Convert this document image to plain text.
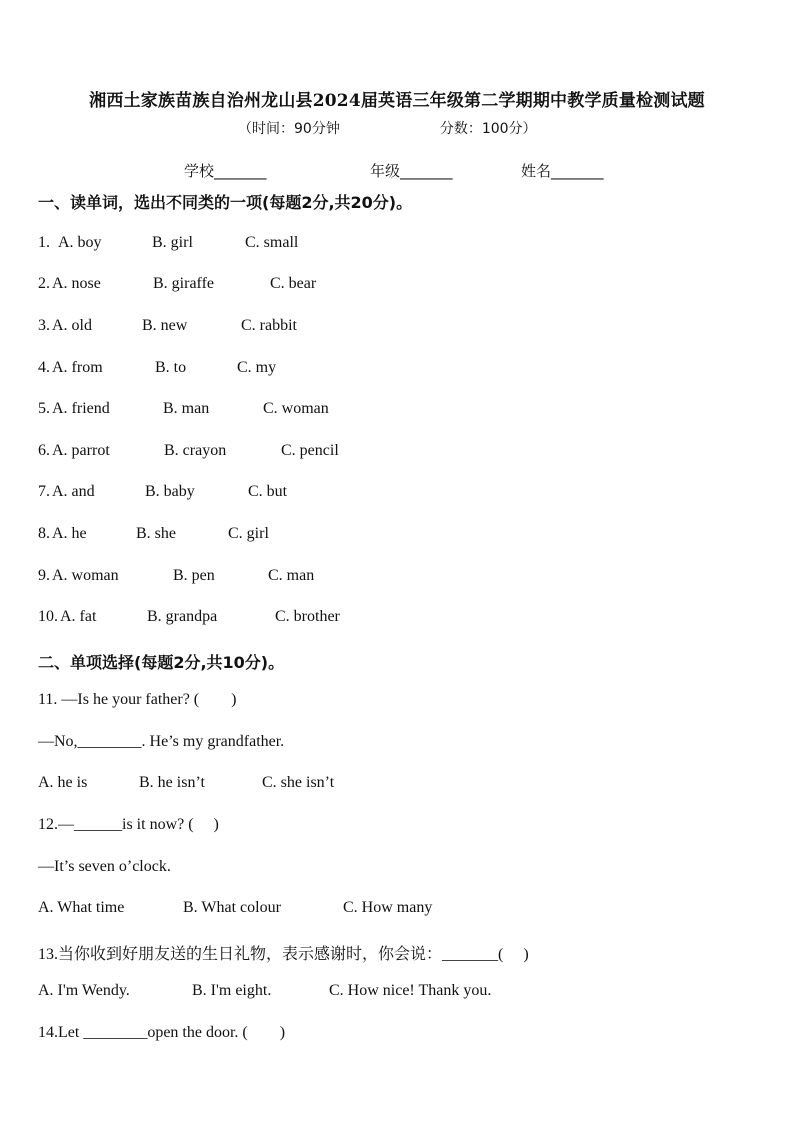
湘西土家族苗族自治州龙山县2024届英语三年级第二学期期中教学质量检测试题
（时间：90分钟	分数：100分）
学校_______	年级_______	姓名_______
一、读单词，选出不同类的一项(每题2分,共20分)。
1. A. boy	B. girl	C. small
2. A. nose	B. giraffe	C. bear
3. A. old	B. new	C. rabbit
4. A. from	B. to	C. my
5. A. friend	B. man	C. woman
6. A. parrot	B. crayon	C. pencil
7. A. and	B. baby	C. but
8. A. he	B. she	C. girl
9. A. woman	B. pen	C. man
10. A. fat	B. grandpa	C. brother
二、单项选择(每题2分,共10分)。
11. —Is he your father? (        )
—No,________. He’s my grandfather.
A. he is	B. he isn’t	C. she isn’t
12.—______is it now? (     )
—It’s seven o’clock.
A. What time	B. What colour	C. How many
13.当你收到好朋友送的生日礼物，表示感谢时，你会说：_______(     )
A. I'm Wendy.	B. I'm eight.	C. How nice! Thank you.
14.Let ________open the door. (        )
